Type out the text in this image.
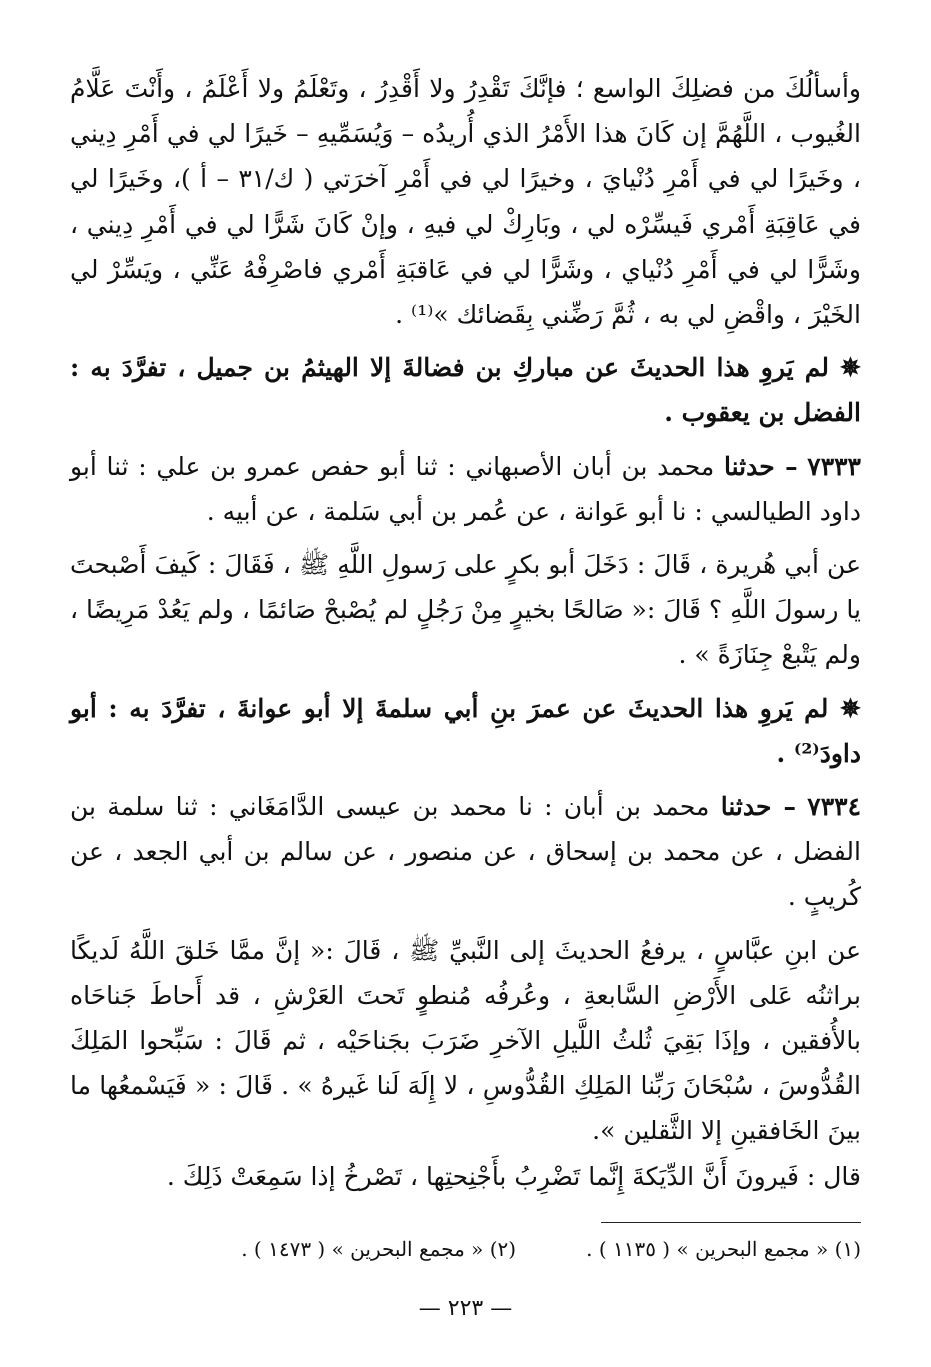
وأسألُكَ من فضلِكَ الواسع ؛ فإنَّكَ تَقْدِرُ ولا أَقْدِرُ ، وتَعْلَمُ ولا أَعْلَمُ ، وأَنْتَ عَلَّامُ الغُيوب ، اللَّهُمَّ إن كَانَ هذا الأَمْرُ الذي أُريدُه – وَيُسَمِّيهِ – خَيرًا لي في أَمْرِ دِيني ، وخَيرًا لي في أَمْرِ دُنْيايَ ، وخيرًا لي في أَمْرِ آخرَتي ( ك/٣١ – أ )، وخَيرًا لي في عَاقِبَةِ أَمْري فَيسِّرْه لي ، وبَارِكْ لي فيهِ ، وإنْ كَانَ شَرًّا لي في أَمْرِ دِيني ، وشَرًّا لي في أَمْرِ دُنْياي ، وشَرًّا لي في عَاقبَةِ أَمْري فاصْرِفْهُ عَنِّي ، ويَسِّرْ لي الخَيْرَ ، واقْضِ لي به ، ثُمَّ رَضِّني بِقَضائك »⁽¹⁾ .

✵ لم يَروِ هذا الحديثَ عن مباركِ بن فضالةَ إلا الهيثمُ بن جميل ، تفرَّدَ به : الفضل بن يعقوب .

٧٣٣٣ – حدثنا محمد بن أبان الأصبهاني : ثنا أبو حفص عمرو بن علي : ثنا أبو داود الطيالسي : نا أبو عَوانة ، عن عُمر بن أبي سَلمة ، عن أبيه .

عن أبي هُريرة ، قَالَ : دَخَلَ أبو بكرٍ على رَسولِ اللَّهِ ﷺ ، فَقَالَ : كَيفَ أَصْبحتَ يا رسولَ اللَّهِ ؟ قَالَ :« صَالحًا بخيرٍ مِنْ رَجُلٍ لم يُصْبحْ صَائمًا ، ولم يَعُدْ مَرِيضًا ، ولم يَتْبعْ جِنَازَةً » .

✵ لم يَروِ هذا الحديثَ عن عمرَ بنِ أبي سلمةَ إلا أبو عوانةَ ، تفرَّدَ به : أبو داودَ⁽²⁾ .

٧٣٣٤ – حدثنا محمد بن أبان : نا محمد بن عيسى الدَّامَغَاني : ثنا سلمة بن الفضل ، عن محمد بن إسحاق ، عن منصور ، عن سالم بن أبي الجعد ، عن كُريبٍ .

عن ابنِ عبَّاسٍ ، يرفعُ الحديثَ إلى النَّبيِّ ﷺ ، قَالَ :« إنَّ ممَّا خَلقَ اللَّهُ لَديكًا براثنُه عَلى الأَرْضِ السَّابعةِ ، وعُرفُه مُنطوٍ تَحتَ العَرْشِ ، قد أَحاطَ جَناحَاه بالأُفقين ، وإذَا بَقِيَ ثُلثُ اللَّيلِ الآخرِ ضَرَبَ بجَناحَيْه ، ثم قَالَ : سَبِّحوا المَلِكَ القُدُّوسَ ، سُبْحَانَ رَبِّنا المَلِكِ القُدُّوسِ ، لا إِلَهَ لَنا غَيرهُ » . قَالَ : « فَيَسْمعُها ما بينَ الخَافقينِ إلا الثَّقلين ».

قال : فَيرونَ أَنَّ الدِّيَكةَ إِنَّما تَضْرِبُ بأَجْنِحتِها ، تَصْرخُ إذا سَمِعَتْ ذَلِكَ .

(١) « مجمع البحرين » ( ١١٣٥ ) .
(٢) « مجمع البحرين » ( ١٤٧٣ ) .
— ٢٢٣ —
